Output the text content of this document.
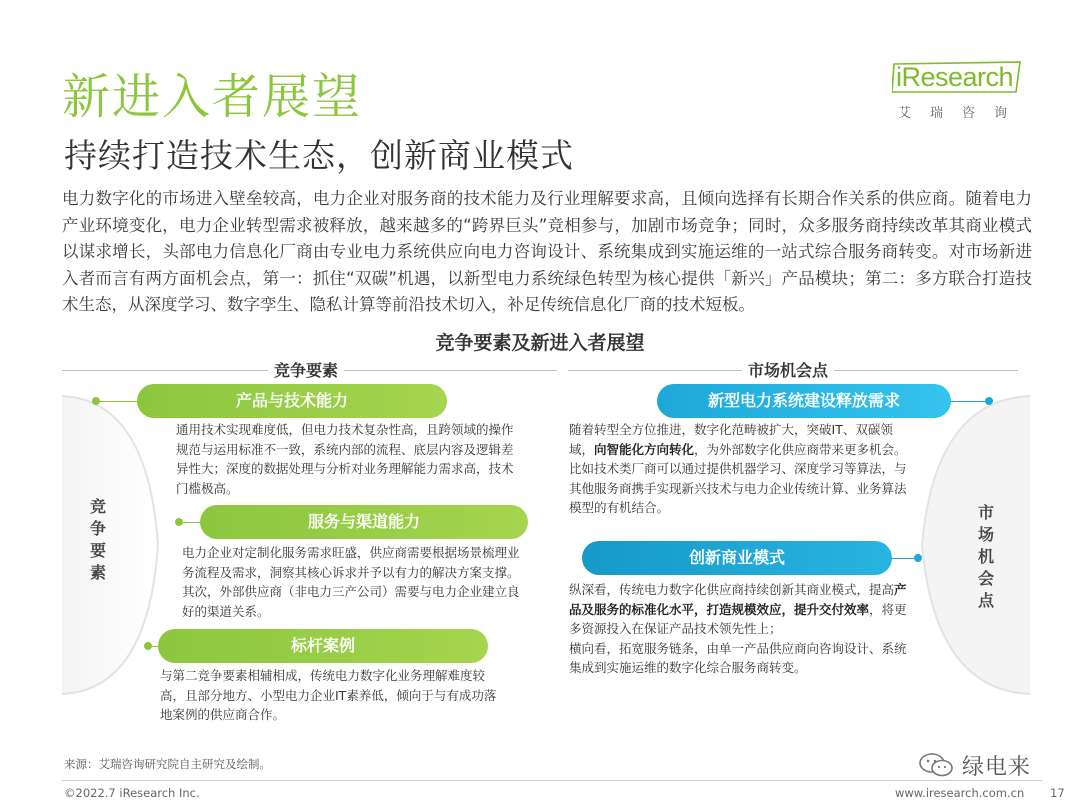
新进入者展望
持续打造技术生态，创新商业模式
iResearch
艾瑞咨询

电力数字化的市场进入壁垒较高，电力企业对服务商的技术能力及行业理解要求高，且倾向选择有长期合作关系的供应商。随着电力产业环境变化，电力企业转型需求被释放，越来越多的“跨界巨头”竞相参与，加剧市场竞争；同时，众多服务商持续改革其商业模式以谋求增长，头部电力信息化厂商由专业电力系统供应向电力咨询设计、系统集成到实施运维的一站式综合服务商转变。对市场新进入者而言有两方面机会点，第一：抓住“双碳”机遇，以新型电力系统绿色转型为核心提供「新兴」产品模块；第二：多方联合打造技术生态，从深度学习、数字孪生、隐私计算等前沿技术切入，补足传统信息化厂商的技术短板。

竞争要素及新进入者展望
竞争要素	市场机会点
竞争要素
市场机会点
产品与技术能力

通用技术实现难度低，但电力技术复杂性高，且跨领域的操作规范与运用标准不一致，系统内部的流程、底层内容及逻辑差异性大；深度的数据处理与分析对业务理解能力需求高，技术门槛极高。

服务与渠道能力

电力企业对定制化服务需求旺盛，供应商需要根据场景梳理业务流程及需求，洞察其核心诉求并予以有力的解决方案支撑。其次，外部供应商（非电力三产公司）需要与电力企业建立良好的渠道关系。

标杆案例

与第二竞争要素相辅相成，传统电力数字化业务理解难度较高，且部分地方、小型电力企业IT素养低，倾向于与有成功落地案例的供应商合作。

新型电力系统建设释放需求

随着转型全方位推进，数字化范畴被扩大，突破IT、双碳领域，向智能化方向转化，为外部数字化供应商带来更多机会。比如技术类厂商可以通过提供机器学习、深度学习等算法，与其他服务商携手实现新兴技术与电力企业传统计算、业务算法模型的有机结合。

创新商业模式

纵深看，传统电力数字化供应商持续创新其商业模式，提高产品及服务的标准化水平，打造规模效应，提升交付效率，将更多资源投入在保证产品技术领先性上；
横向看，拓宽服务链条，由单一产品供应商向咨询设计、系统集成到实施运维的数字化综合服务商转变。

来源：艾瑞咨询研究院自主研究及绘制。
©2022.7 iResearch Inc.	www.iresearch.com.cn 17
绿电来
